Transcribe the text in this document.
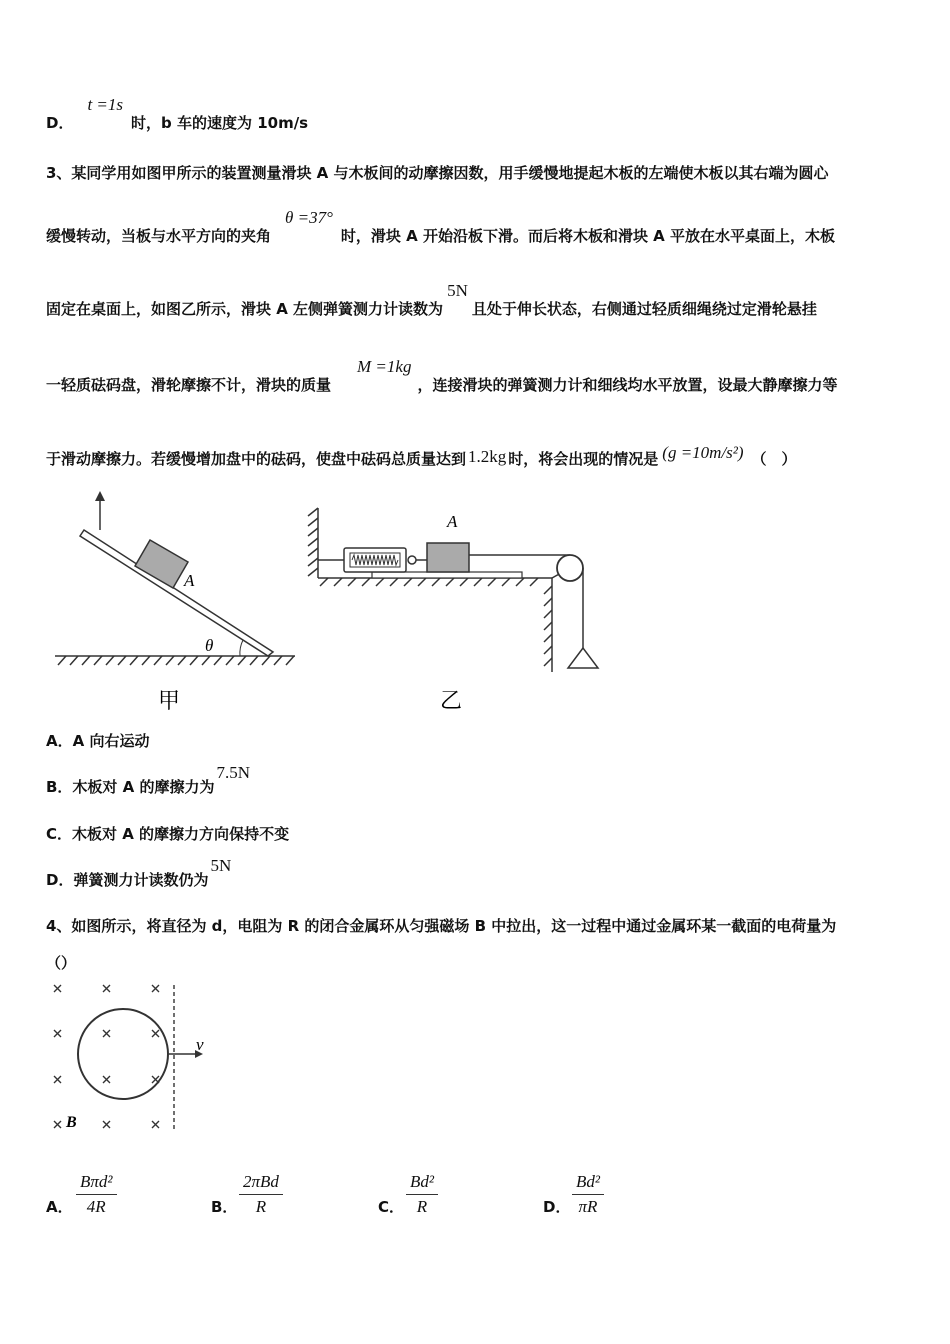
D．t =1s时，b 车的速度为 10m/s
3、某同学用如图甲所示的装置测量滑块 A 与木板间的动摩擦因数，用手缓慢地提起木板的左端使木板以其右端为圆心
缓慢转动，当板与水平方向的夹角θ =37°时，滑块 A 开始沿板下滑。而后将木板和滑块 A 平放在水平桌面上，木板
固定在桌面上，如图乙所示，滑块 A 左侧弹簧测力计读数为5N且处于伸长状态，右侧通过轻质细绳绕过定滑轮悬挂
一轻质砝码盘，滑轮摩擦不计，滑块的质量M =1kg，连接滑块的弹簧测力计和细线均水平放置，设最大静摩擦力等
于滑动摩擦力。若缓慢增加盘中的砝码，使盘中砝码总质量达到 1.2kg 时，将会出现的情况是 (g =10m/s²) （　）
A
θ
甲
A
乙
A．A 向右运动
B．木板对 A 的摩擦力为7.5N
C．木板对 A 的摩擦力方向保持不变
D．弹簧测力计读数仍为5N
4、如图所示，将直径为 d，电阻为 R 的闭合金属环从匀强磁场 B 中拉出，这一过程中通过金属环某一截面的电荷量为
（）
v
B
A．
Bπd²
4R	B．
2πBd
R	C． $\frac{\text{Bd²}}{R}$	D． $\frac{\text{Bd²}}{\pi R}$
